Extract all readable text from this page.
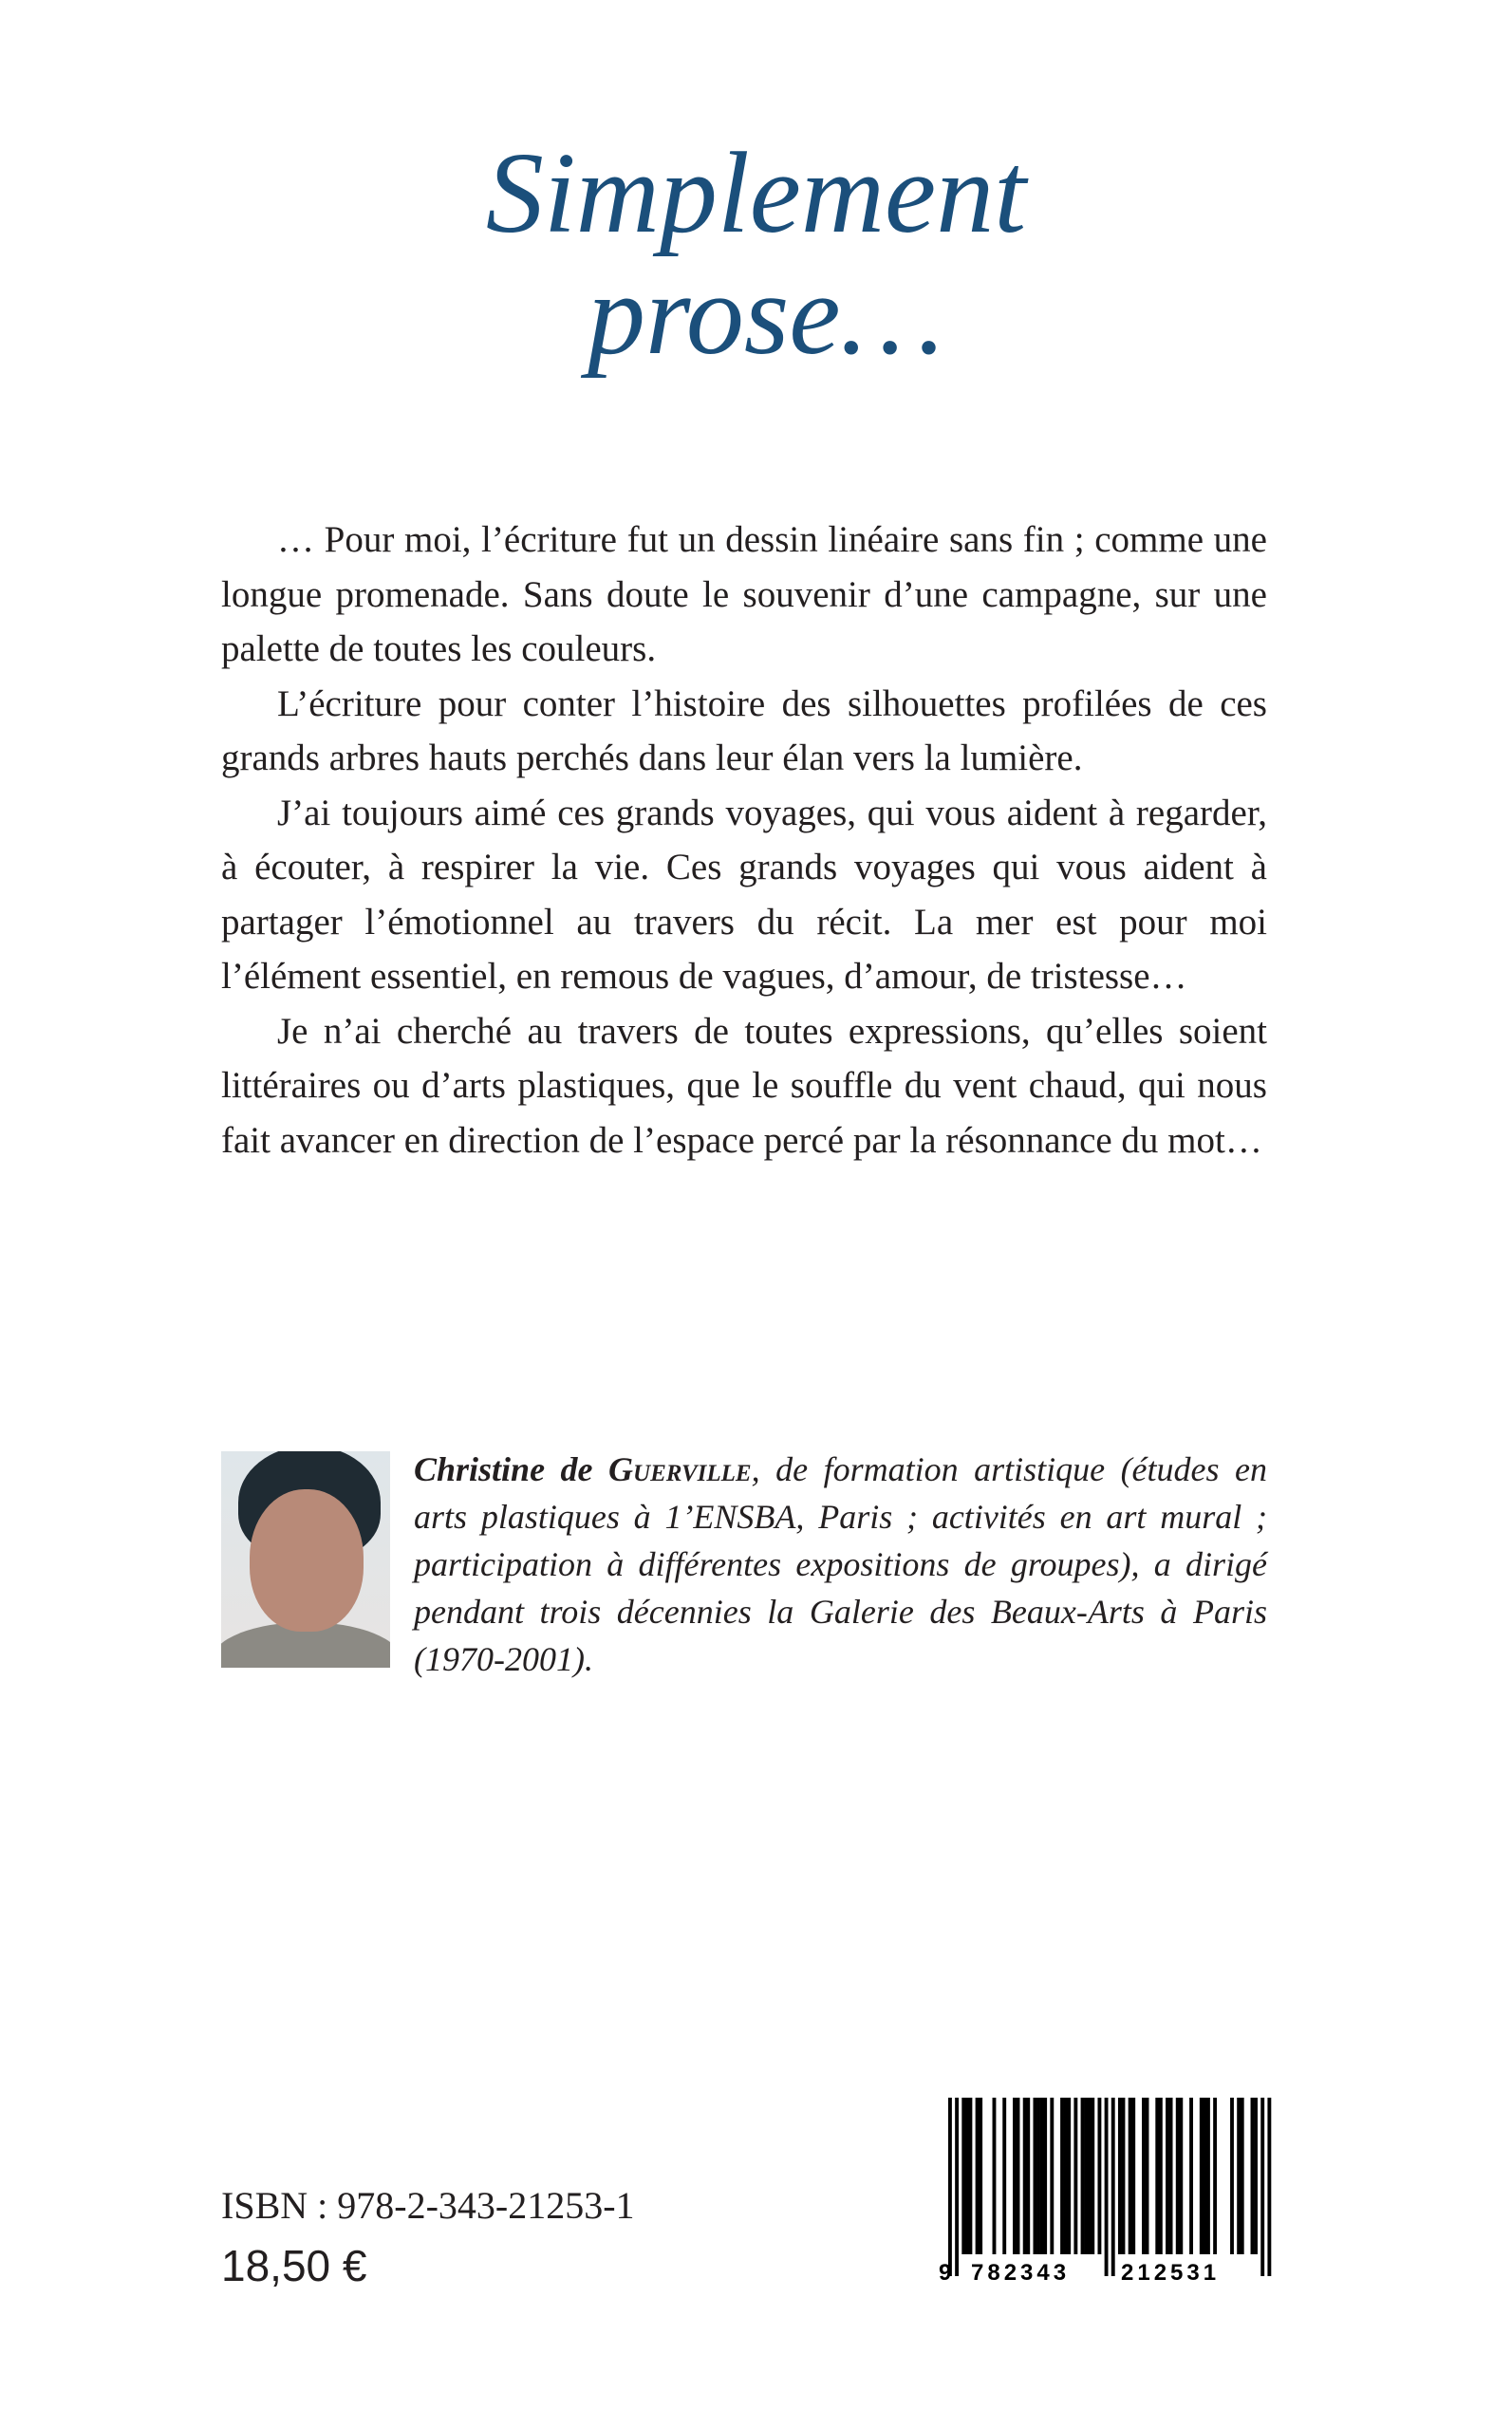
Simplement
prose…

… Pour moi, l’écriture fut un dessin linéaire sans fin ; comme une longue promenade. Sans doute le souvenir d’une campagne, sur une palette de toutes les couleurs.

L’écriture pour conter l’histoire des silhouettes profilées de ces grands arbres hauts perchés dans leur élan vers la lumière.

J’ai toujours aimé ces grands voyages, qui vous aident à regarder, à écouter, à respirer la vie. Ces grands voyages qui vous aident à partager l’émotionnel au travers du récit. La mer est pour moi l’élément essentiel, en remous de vagues, d’amour, de tristesse…

Je n’ai cherché au travers de toutes expressions, qu’elles soient littéraires ou d’arts plastiques, que le souffle du vent chaud, qui nous fait avancer en direction de l’espace percé par la résonnance du mot…

Christine de Guerville, de formation artistique (études en arts plastiques à 1’ENSBA, Paris ; activités en art mural ; participation à différentes expositions de groupes), a dirigé pendant trois décennies la Galerie des Beaux-Arts à Paris (1970-2001).
ISBN : 978-2-343-21253-1
18,50 €	9 782343 212531
